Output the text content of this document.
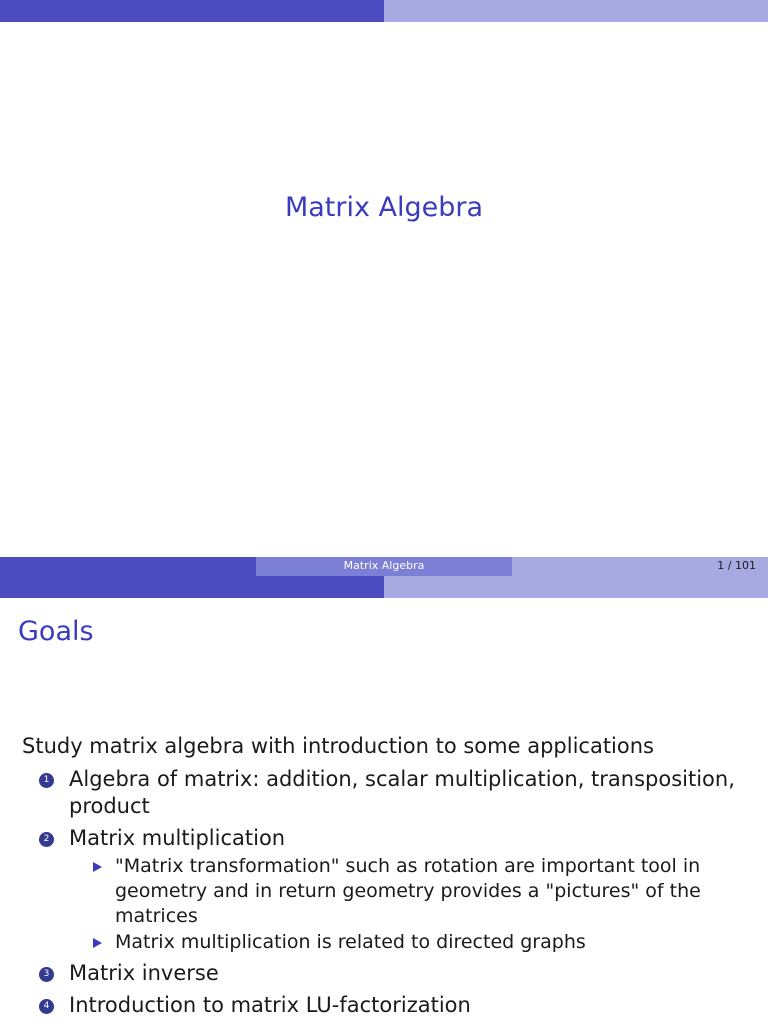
Matrix Algebra
Matrix Algebra	1 / 101
Goals
Study matrix algebra with introduction to some applications
1 Algebra of matrix: addition, scalar multiplication, transposition, product
2 Matrix multiplication
"Matrix transformation" such as rotation are important tool in geometry and in return geometry provides a "pictures" of the matrices
Matrix multiplication is related to directed graphs
3 Matrix inverse
4 Introduction to matrix LU-factorization
